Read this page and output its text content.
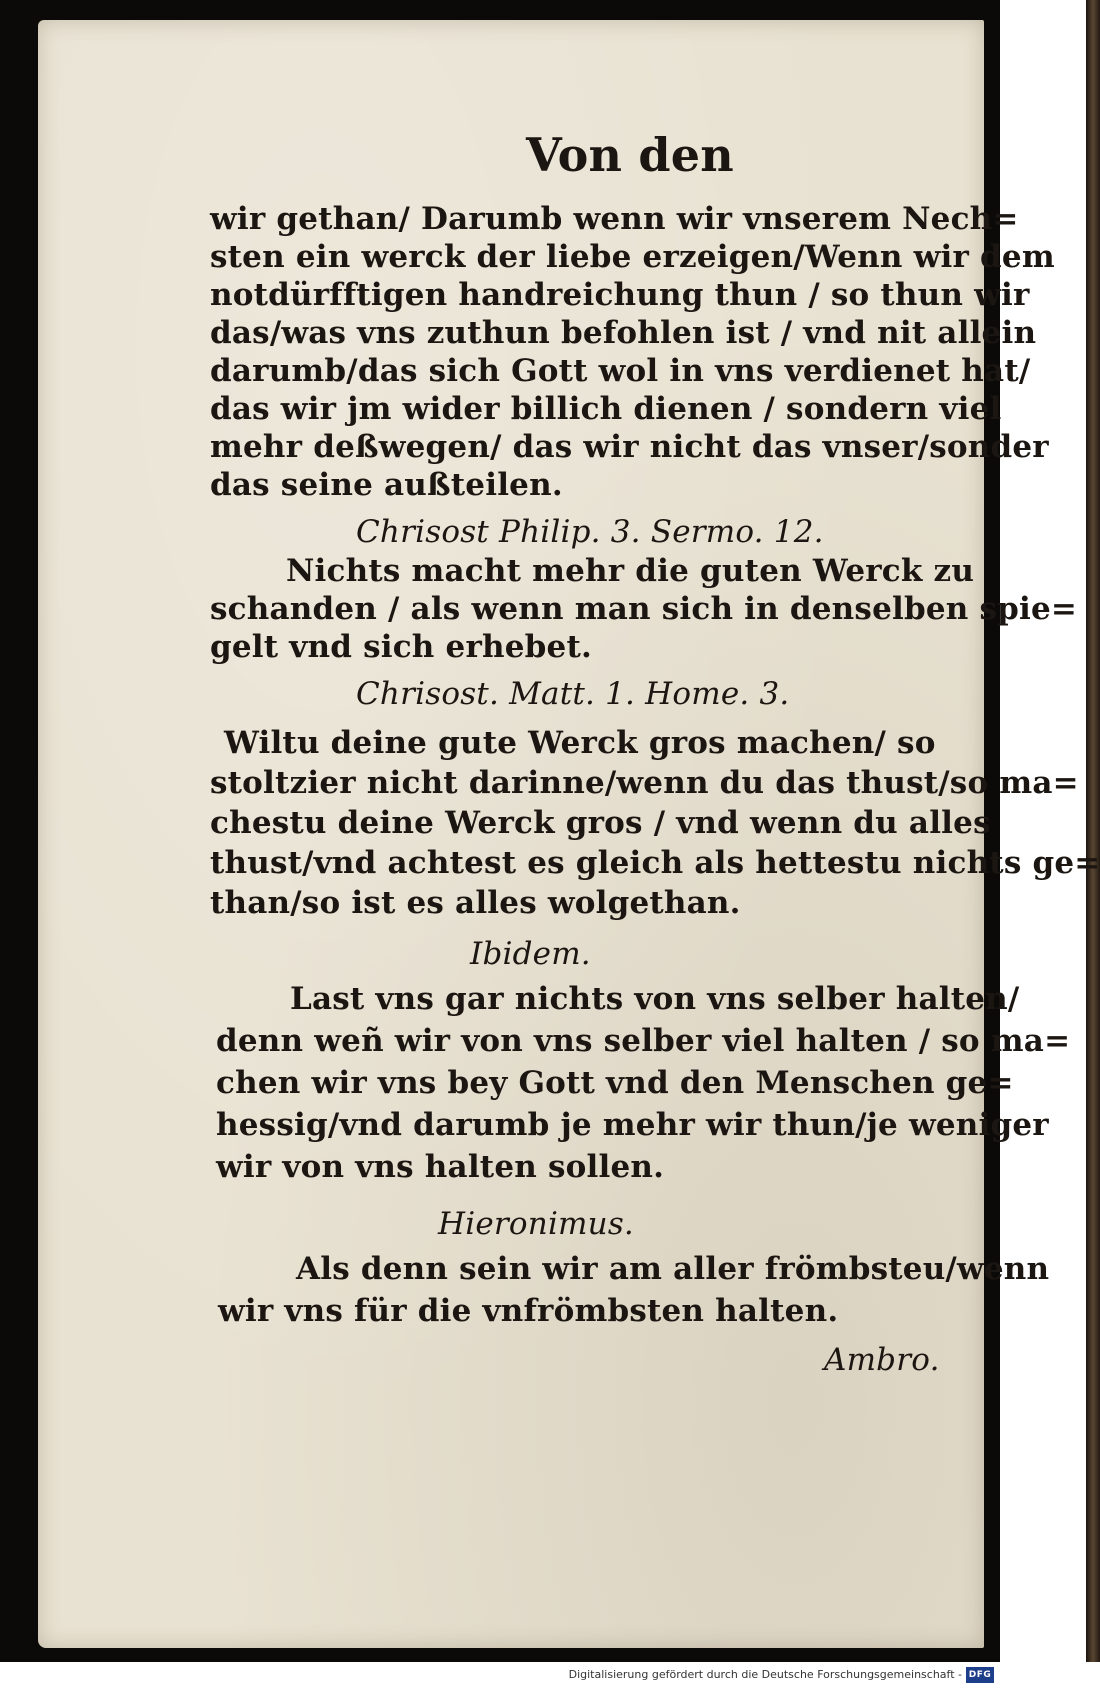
Von den
wir gethan/ Darumb wenn wir vnserem Nech=
sten ein werck der liebe erzeigen/Wenn wir dem
notdürfftigen handreichung thun / so thun wir
das/was vns zuthun befohlen ist / vnd nit allein
darumb/das sich Gott wol in vns verdienet hat/
das wir jm wider billich dienen / sondern viel
mehr deßwegen/ das wir nicht das vnser/sonder
das seine außteilen.
Chrisost Philip. 3. Sermo. 12.
Nichts macht mehr die guten Werck zu
schanden / als wenn man sich in denselben spie=
gelt vnd sich erhebet.
Chrisost. Matt. 1. Home. 3.
Wiltu deine gute Werck gros machen/ so
stoltzier nicht darinne/wenn du das thust/so ma=
chestu deine Werck gros / vnd wenn du alles
thust/vnd achtest es gleich als hettestu nichts ge=
than/so ist es alles wolgethan.
Ibidem.
Last vns gar nichts von vns selber halten/
denn weñ wir von vns selber viel halten / so ma=
chen wir vns bey Gott vnd den Menschen ge=
hessig/vnd darumb je mehr wir thun/je weniger
wir von vns halten sollen.
Hieronimus.
Als denn sein wir am aller frömbsteu/wenn
wir vns für die vnfrömbsten halten.
Ambro.
Digitalisierung gefördert durch die Deutsche Forschungsgemeinschaft - DFG
